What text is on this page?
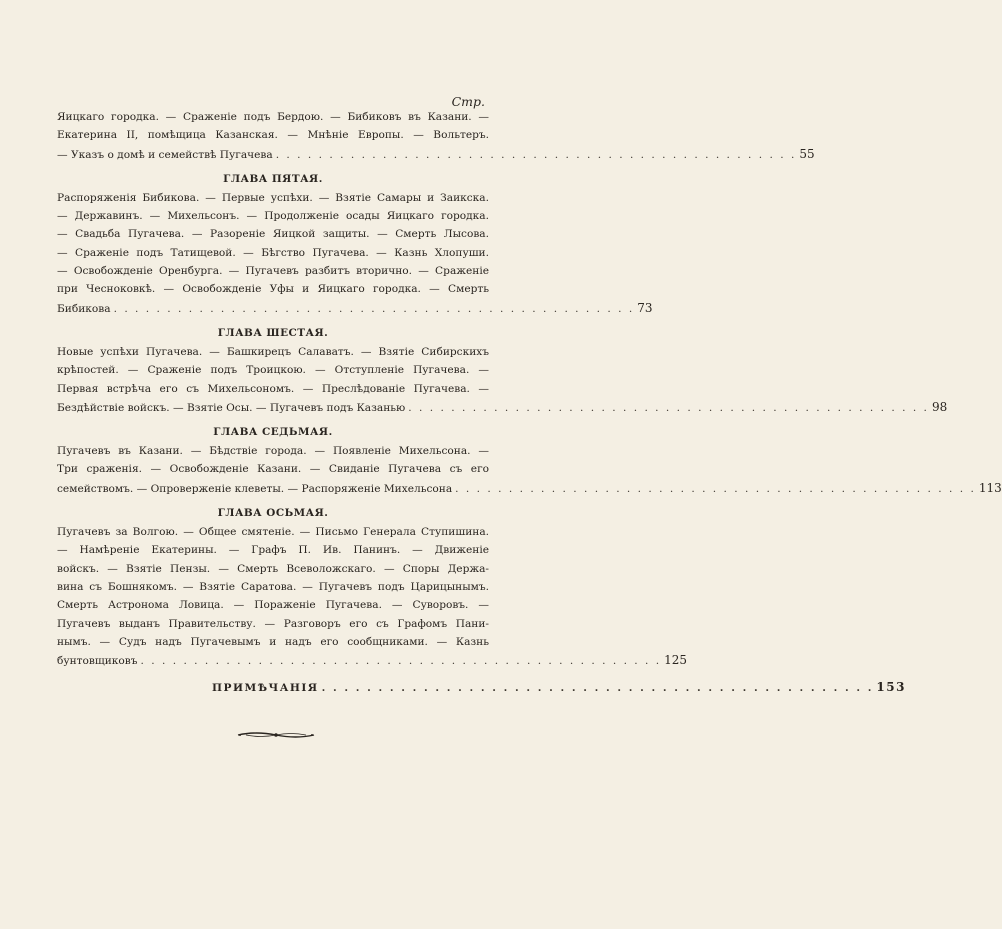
Стр.
Яицкаго городка. — Сраженіе подъ Бердою. — Бибиковъ въ Казани. —
Екатерина II, помѣщица Казанская. — Мнѣніе Европы. — Вольтеръ.
— Указъ о домѣ и семействѣ Пугачева . . . . . . . . . . . . . . . . . . . . . . . . . . . . . . . . . . . . . . . . . . . . . . . . . 55
ГЛАВА ПЯТАЯ.
Распоряженія Бибикова. — Первые успѣхи. — Взятіе Самары и Заикска.
— Державинъ. — Михельсонъ. — Продолженіе осады Яицкаго городка.
— Свадьба Пугачева. — Разореніе Яицкой защиты. — Смерть Лысова.
— Сраженіе подъ Татищевой. — Бѣгство Пугачева. — Казнь Хлопуши.
— Освобожденіе Оренбурга. — Пугачевъ разбитъ вторично. — Сраженіе
при Чесноковкѣ. — Освобожденіе Уфы и Яицкаго городка. — Смерть
Бибикова . . . . . . . . . . . . . . . . . . . . . . . . . . . . . . . . . . . . . . . . . . . . . . . . . 73
ГЛАВА ШЕСТАЯ.
Новые успѣхи Пугачева. — Башкирецъ Салаватъ. — Взятіе Сибирскихъ
крѣпостей. — Сраженіе подъ Троицкою. — Отступленіе Пугачева. —
Первая встрѣча его съ Михельсономъ. — Преслѣдованіе Пугачева. —
Бездѣйствіе войскъ. — Взятіе Осы. — Пугачевъ подъ Казанью . . . . . . . . . . . . . . . . . . . . . . . . . . . . . . . . . . . . . . . . . . . . . . . . . 98
ГЛАВА СЕДЬМАЯ.
Пугачевъ въ Казани. — Бѣдствіе города. — Появленіе Михельсона. —
Три сраженія. — Освобожденіе Казани. — Свиданіе Пугачева съ его
семействомъ. — Опроверженіе клеветы. — Распоряженіе Михельсона . . . . . . . . . . . . . . . . . . . . . . . . . . . . . . . . . . . . . . . . . . . . . . . . . 113
ГЛАВА ОСЬМАЯ.
Пугачевъ за Волгою. — Общее смятеніе. — Письмо Генерала Ступишина.
— Намѣреніе Екатерины. — Графъ П. Ив. Панинъ. — Движеніе
войскъ. — Взятіе Пензы. — Смерть Всеволожскаго. — Споры Держа-
вина съ Бошнякомъ. — Взятіе Саратова. — Пугачевъ подъ Царицынымъ.
Смерть Астронома Ловица. — Пораженіе Пугачева. — Суворовъ. —
Пугачевъ выданъ Правительству. — Разговоръ его съ Графомъ Пани-
нымъ. — Судъ надъ Пугачевымъ и надъ его сообщниками. — Казнь
бунтовщиковъ . . . . . . . . . . . . . . . . . . . . . . . . . . . . . . . . . . . . . . . . . . . . . . . . . 125
ПРИМѢЧАНІЯ . . . . . . . . . . . . . . . . . . . . . . . . . . . . . . . . . . . . . . . . . . . . . . . . . 153
